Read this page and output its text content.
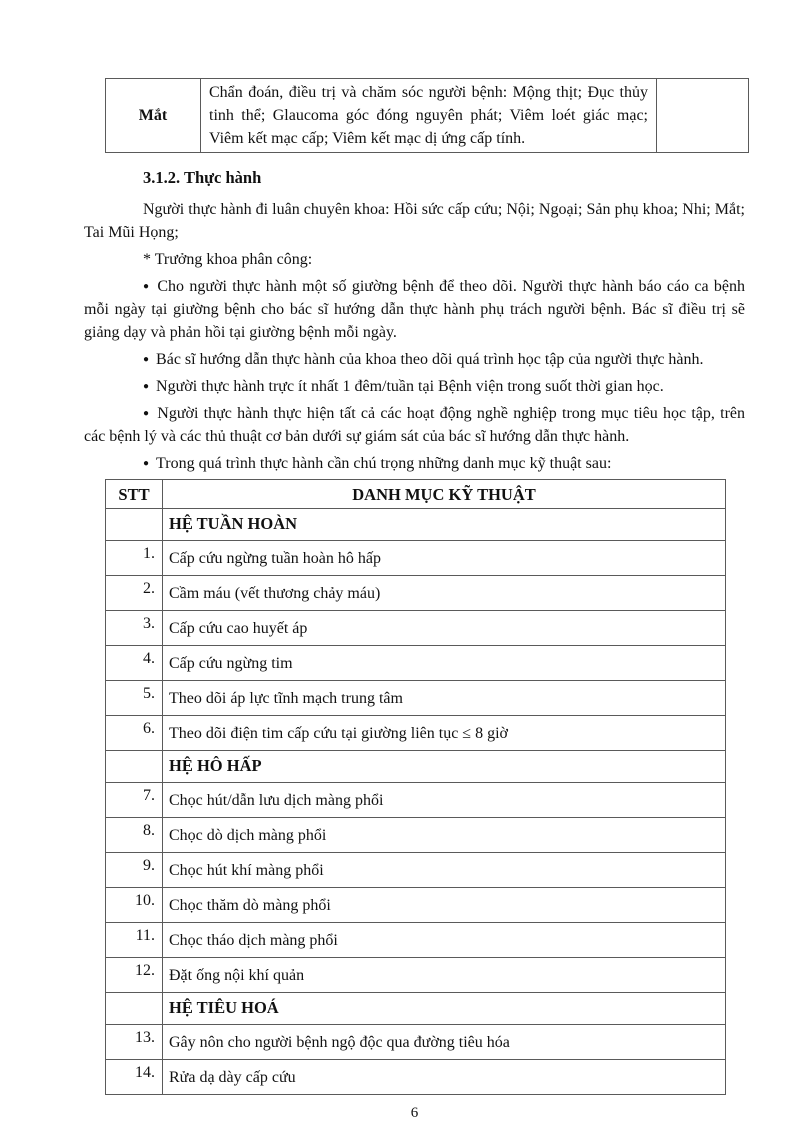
Mắt	Chẩn đoán, điều trị và chăm sóc người bệnh: Mộng thịt; Đục thủy tinh thể; Glaucoma góc đóng nguyên phát; Viêm loét giác mạc; Viêm kết mạc cấp; Viêm kết mạc dị ứng cấp tính.	
3.1.2. Thực hành

Người thực hành đi luân chuyên khoa: Hồi sức cấp cứu; Nội; Ngoại; Sản phụ khoa; Nhi; Mắt; Tai Mũi Họng;

* Trưởng khoa phân công:

● Cho người thực hành một số giường bệnh để theo dõi. Người thực hành báo cáo ca bệnh mỗi ngày tại giường bệnh cho bác sĩ hướng dẫn thực hành phụ trách người bệnh. Bác sĩ điều trị sẽ giảng dạy và phản hồi tại giường bệnh mỗi ngày.

● Bác sĩ hướng dẫn thực hành của khoa theo dõi quá trình học tập của người thực hành.

● Người thực hành trực ít nhất 1 đêm/tuần tại Bệnh viện trong suốt thời gian học.

● Người thực hành thực hiện tất cả các hoạt động nghề nghiệp trong mục tiêu học tập, trên các bệnh lý và các thủ thuật cơ bản dưới sự giám sát của bác sĩ hướng dẫn thực hành.

● Trong quá trình thực hành cần chú trọng những danh mục kỹ thuật sau:

STT	DANH MỤC KỸ THUẬT
	HỆ TUẦN HOÀN
1.	Cấp cứu ngừng tuần hoàn hô hấp
2.	Cầm máu (vết thương chảy máu)
3.	Cấp cứu cao huyết áp
4.	Cấp cứu ngừng tim
5.	Theo dõi áp lực tĩnh mạch trung tâm
6.	Theo dõi điện tim cấp cứu tại giường liên tục ≤ 8 giờ
	HỆ HÔ HẤP
7.	Chọc hút/dẫn lưu dịch màng phổi
8.	Chọc dò dịch màng phổi
9.	Chọc hút khí màng phổi
10.	Chọc thăm dò màng phổi
11.	Chọc tháo dịch màng phổi
12.	Đặt ống nội khí quản
	HỆ TIÊU HOÁ
13.	Gây nôn cho người bệnh ngộ độc qua đường tiêu hóa
14.	Rửa dạ dày cấp cứu
6
